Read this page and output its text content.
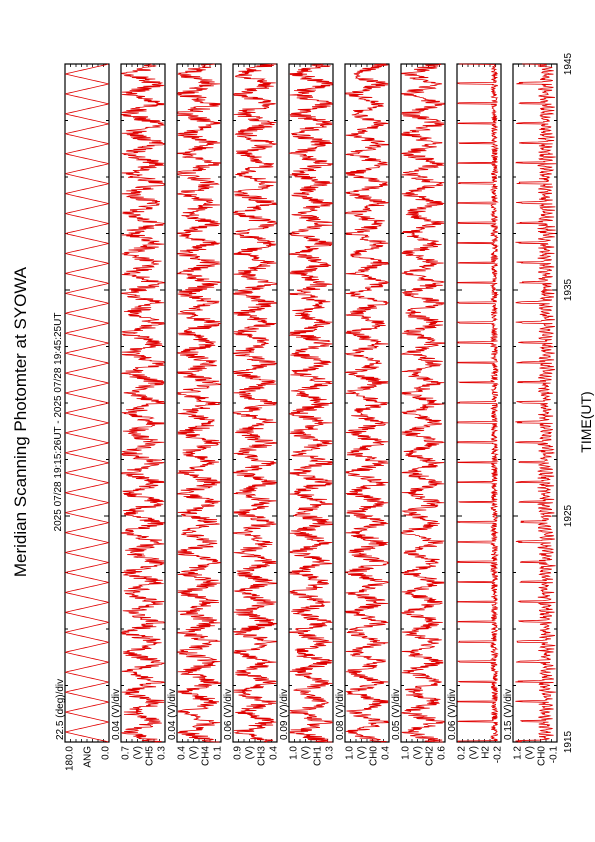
Meridian Scanning Photomter at SYOWA 2025 07/28 19:15:26UT - 2025 07/28 19:45:25UT	TIME(UT)
1915
1925
1935
1945
22.5 (deg)/div
180.0 ANG 0.0
0.04 (V)/div
0.7 (V) CH5 0.3
0.04 (V)/div
0.4 (V) CH4 0.1
0.06 (V)/div
0.9 (V) CH3 0.4
0.09 (V)/div
1.0 (V) CH1 0.3
0.08 (V)/div
1.0 (V) CH0 0.4
0.05 (V)/div
1.0 (V) CH2 0.6
0.06 (V)/div
0.2 (V) H2 -0.2
0.15 (V)/div
1.2 (V) CH0 -0.1
